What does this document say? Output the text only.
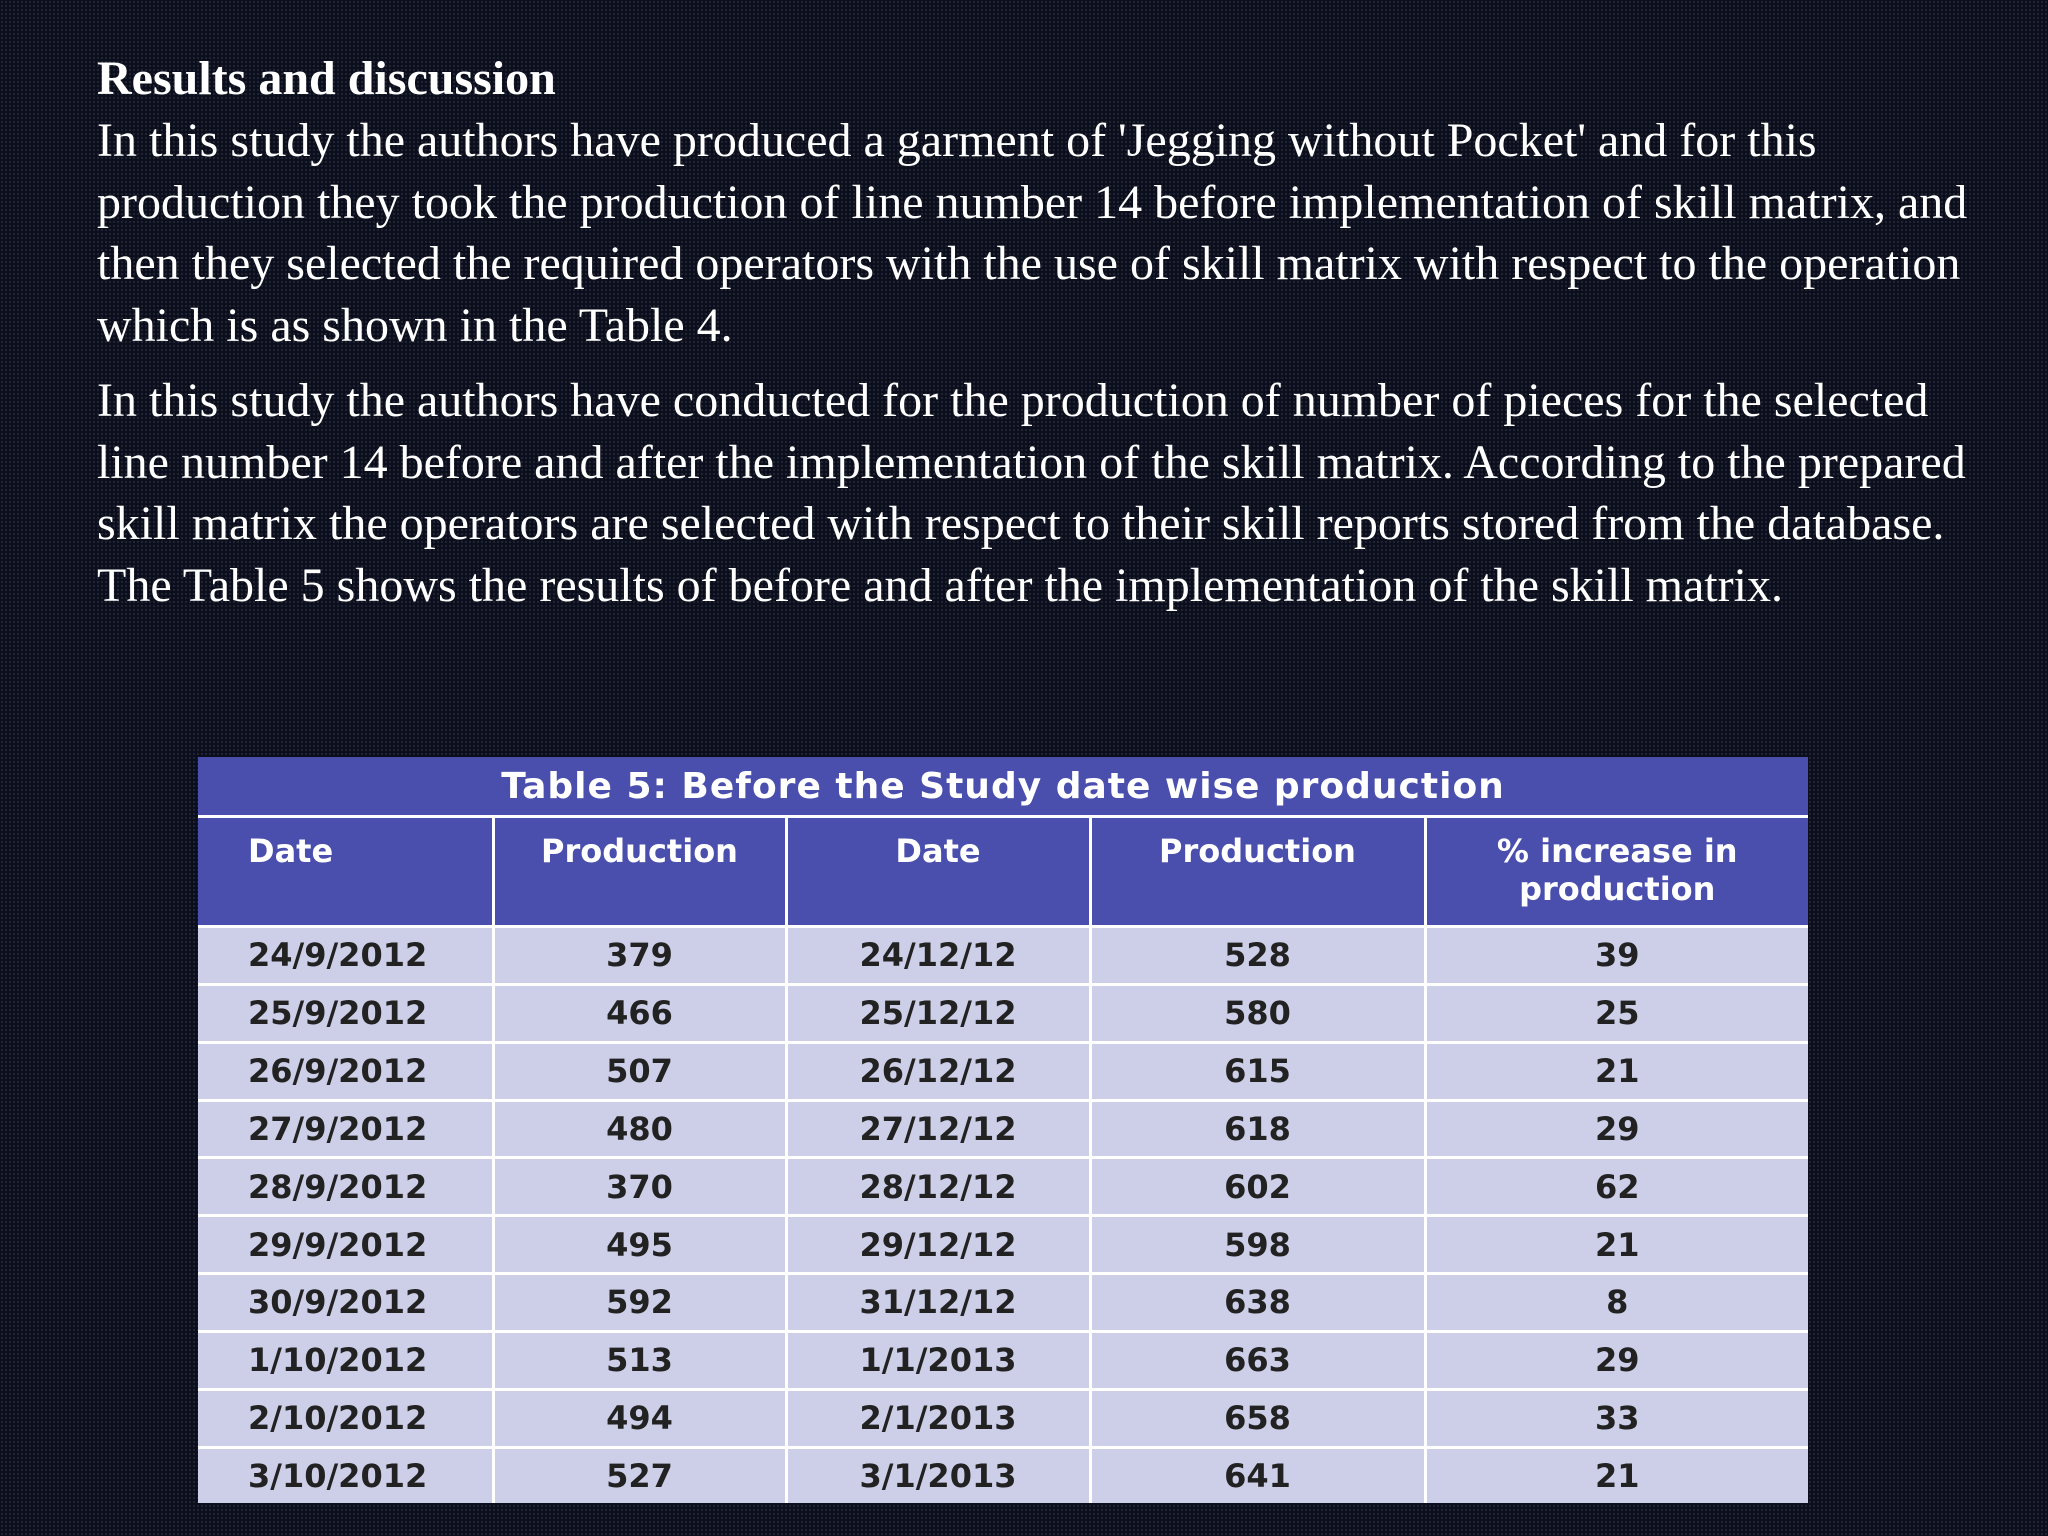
Results and discussion

In this study the authors have produced a garment of 'Jegging without Pocket' and for this production they took the production of line number 14 before implementation of skill matrix, and then they selected the required operators with the use of skill matrix with respect to the operation which is as shown in the Table 4.

In this study the authors have conducted for the production of number of pieces for the selected line number 14 before and after the implementation of the skill matrix. According to the prepared skill matrix the operators are selected with respect to their skill reports stored from the database. The Table 5 shows the results of before and after the implementation of the skill matrix.

Table 5: Before the Study date wise production				
Date	Production	Date	Production	% increase in production
24/9/2012	379	24/12/12	528	39
25/9/2012	466	25/12/12	580	25
26/9/2012	507	26/12/12	615	21
27/9/2012	480	27/12/12	618	29
28/9/2012	370	28/12/12	602	62
29/9/2012	495	29/12/12	598	21
30/9/2012	592	31/12/12	638	8
1/10/2012	513	1/1/2013	663	29
2/10/2012	494	2/1/2013	658	33
3/10/2012	527	3/1/2013	641	21
